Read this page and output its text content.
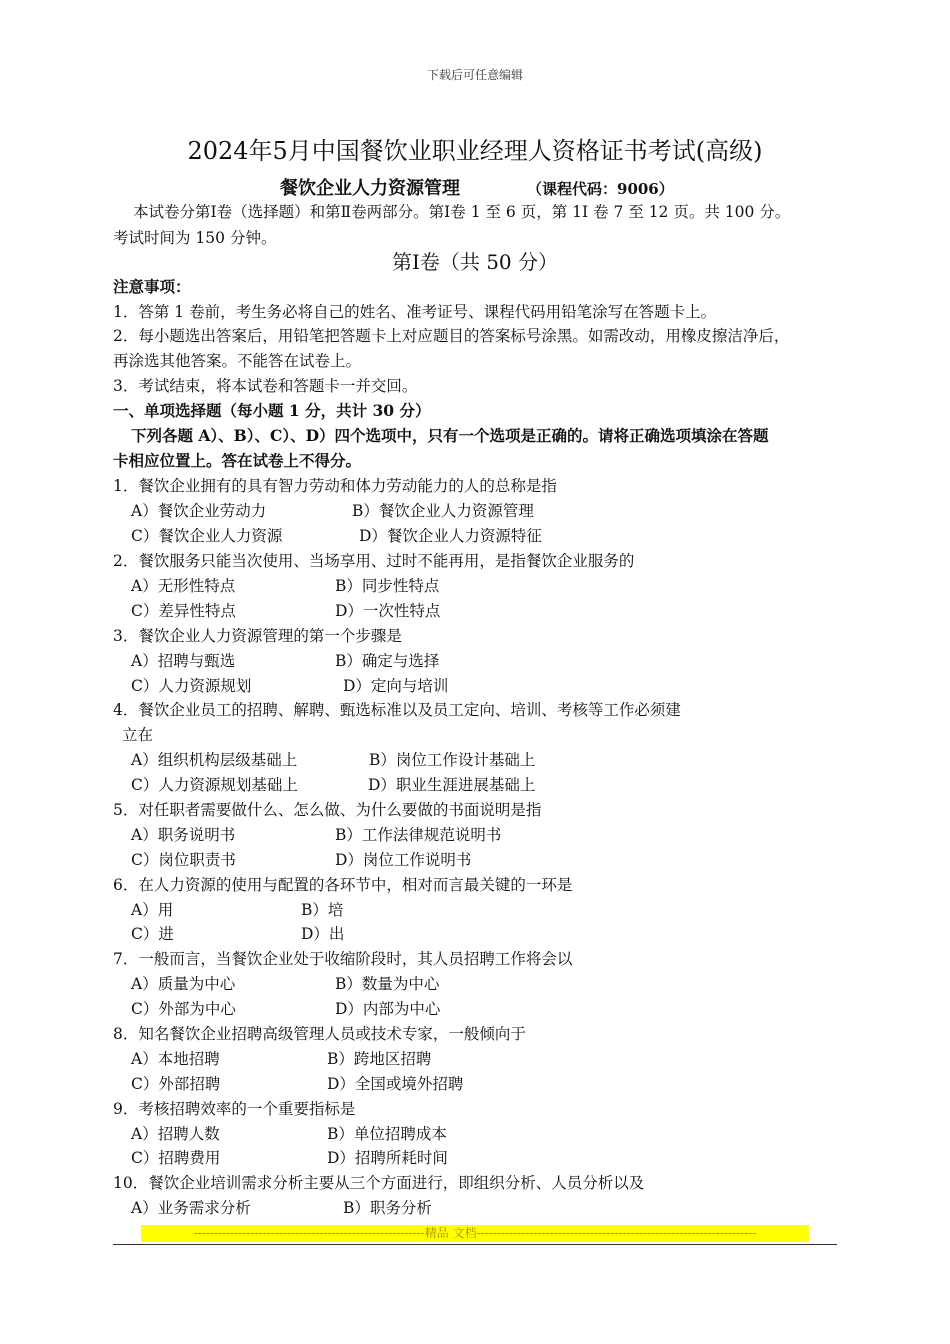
下载后可任意编辑
2024年5月中国餐饮业职业经理人资格证书考试(高级)
餐饮企业人力资源管理	（课程代码：9006）
本试卷分第Ⅰ卷（选择题）和第Ⅱ卷两部分。第Ⅰ卷 1 至 6 页，第 1I 卷 7 至 12 页。共 100 分。
考试时间为 150 分钟。
第Ⅰ卷（共 50 分）
注意事项：
1．答第 1 卷前，考生务必将自己的姓名、准考证号、课程代码用铅笔涂写在答题卡上。
2．每小题选出答案后，用铅笔把答题卡上对应题目的答案标号涂黑。如需改动，用橡皮擦洁净后，
再涂选其他答案。不能答在试卷上。
3．考试结束，将本试卷和答题卡一并交回。
一、单项选择题（每小题 1 分，共计 30 分）
下列各题 A）、B）、C）、D）四个选项中，只有一个选项是正确的。请将正确选项填涂在答题
卡相应位置上。答在试卷上不得分。
1．餐饮企业拥有的具有智力劳动和体力劳动能力的人的总称是指
A）餐饮企业劳动力	B）餐饮企业人力资源管理
C）餐饮企业人力资源	D）餐饮企业人力资源特征
2．餐饮服务只能当次使用、当场享用、过时不能再用，是指餐饮企业服务的
A）无形性特点	B）同步性特点
C）差异性特点	D）一次性特点
3．餐饮企业人力资源管理的第一个步骤是
A）招聘与甄选	B）确定与选择
C）人力资源规划	D）定向与培训
4．餐饮企业员工的招聘、解聘、甄选标准以及员工定向、培训、考核等工作必须建
立在
A）组织机构层级基础上	B）岗位工作设计基础上
C）人力资源规划基础上	D）职业生涯进展基础上
5．对任职者需要做什么、怎么做、为什么要做的书面说明是指
A）职务说明书	B）工作法律规范说明书
C）岗位职责书	D）岗位工作说明书
6．在人力资源的使用与配置的各环节中，相对而言最关键的一环是
A）用	B）培
C）进	D）出
7．一般而言，当餐饮企业处于收缩阶段时，其人员招聘工作将会以
A）质量为中心	B）数量为中心
C）外部为中心	D）内部为中心
8．知名餐饮企业招聘高级管理人员或技术专家，一般倾向于
A）本地招聘	B）跨地区招聘
C）外部招聘	D）全国或境外招聘
9．考核招聘效率的一个重要指标是
A）招聘人数	B）单位招聘成本
C）招聘费用	D）招聘所耗时间
10．餐饮企业培训需求分析主要从三个方面进行，即组织分析、人员分析以及
A）业务需求分析	B）职务分析
---------------------------------------------------------精品 文档---------------------------------------------------------------------
